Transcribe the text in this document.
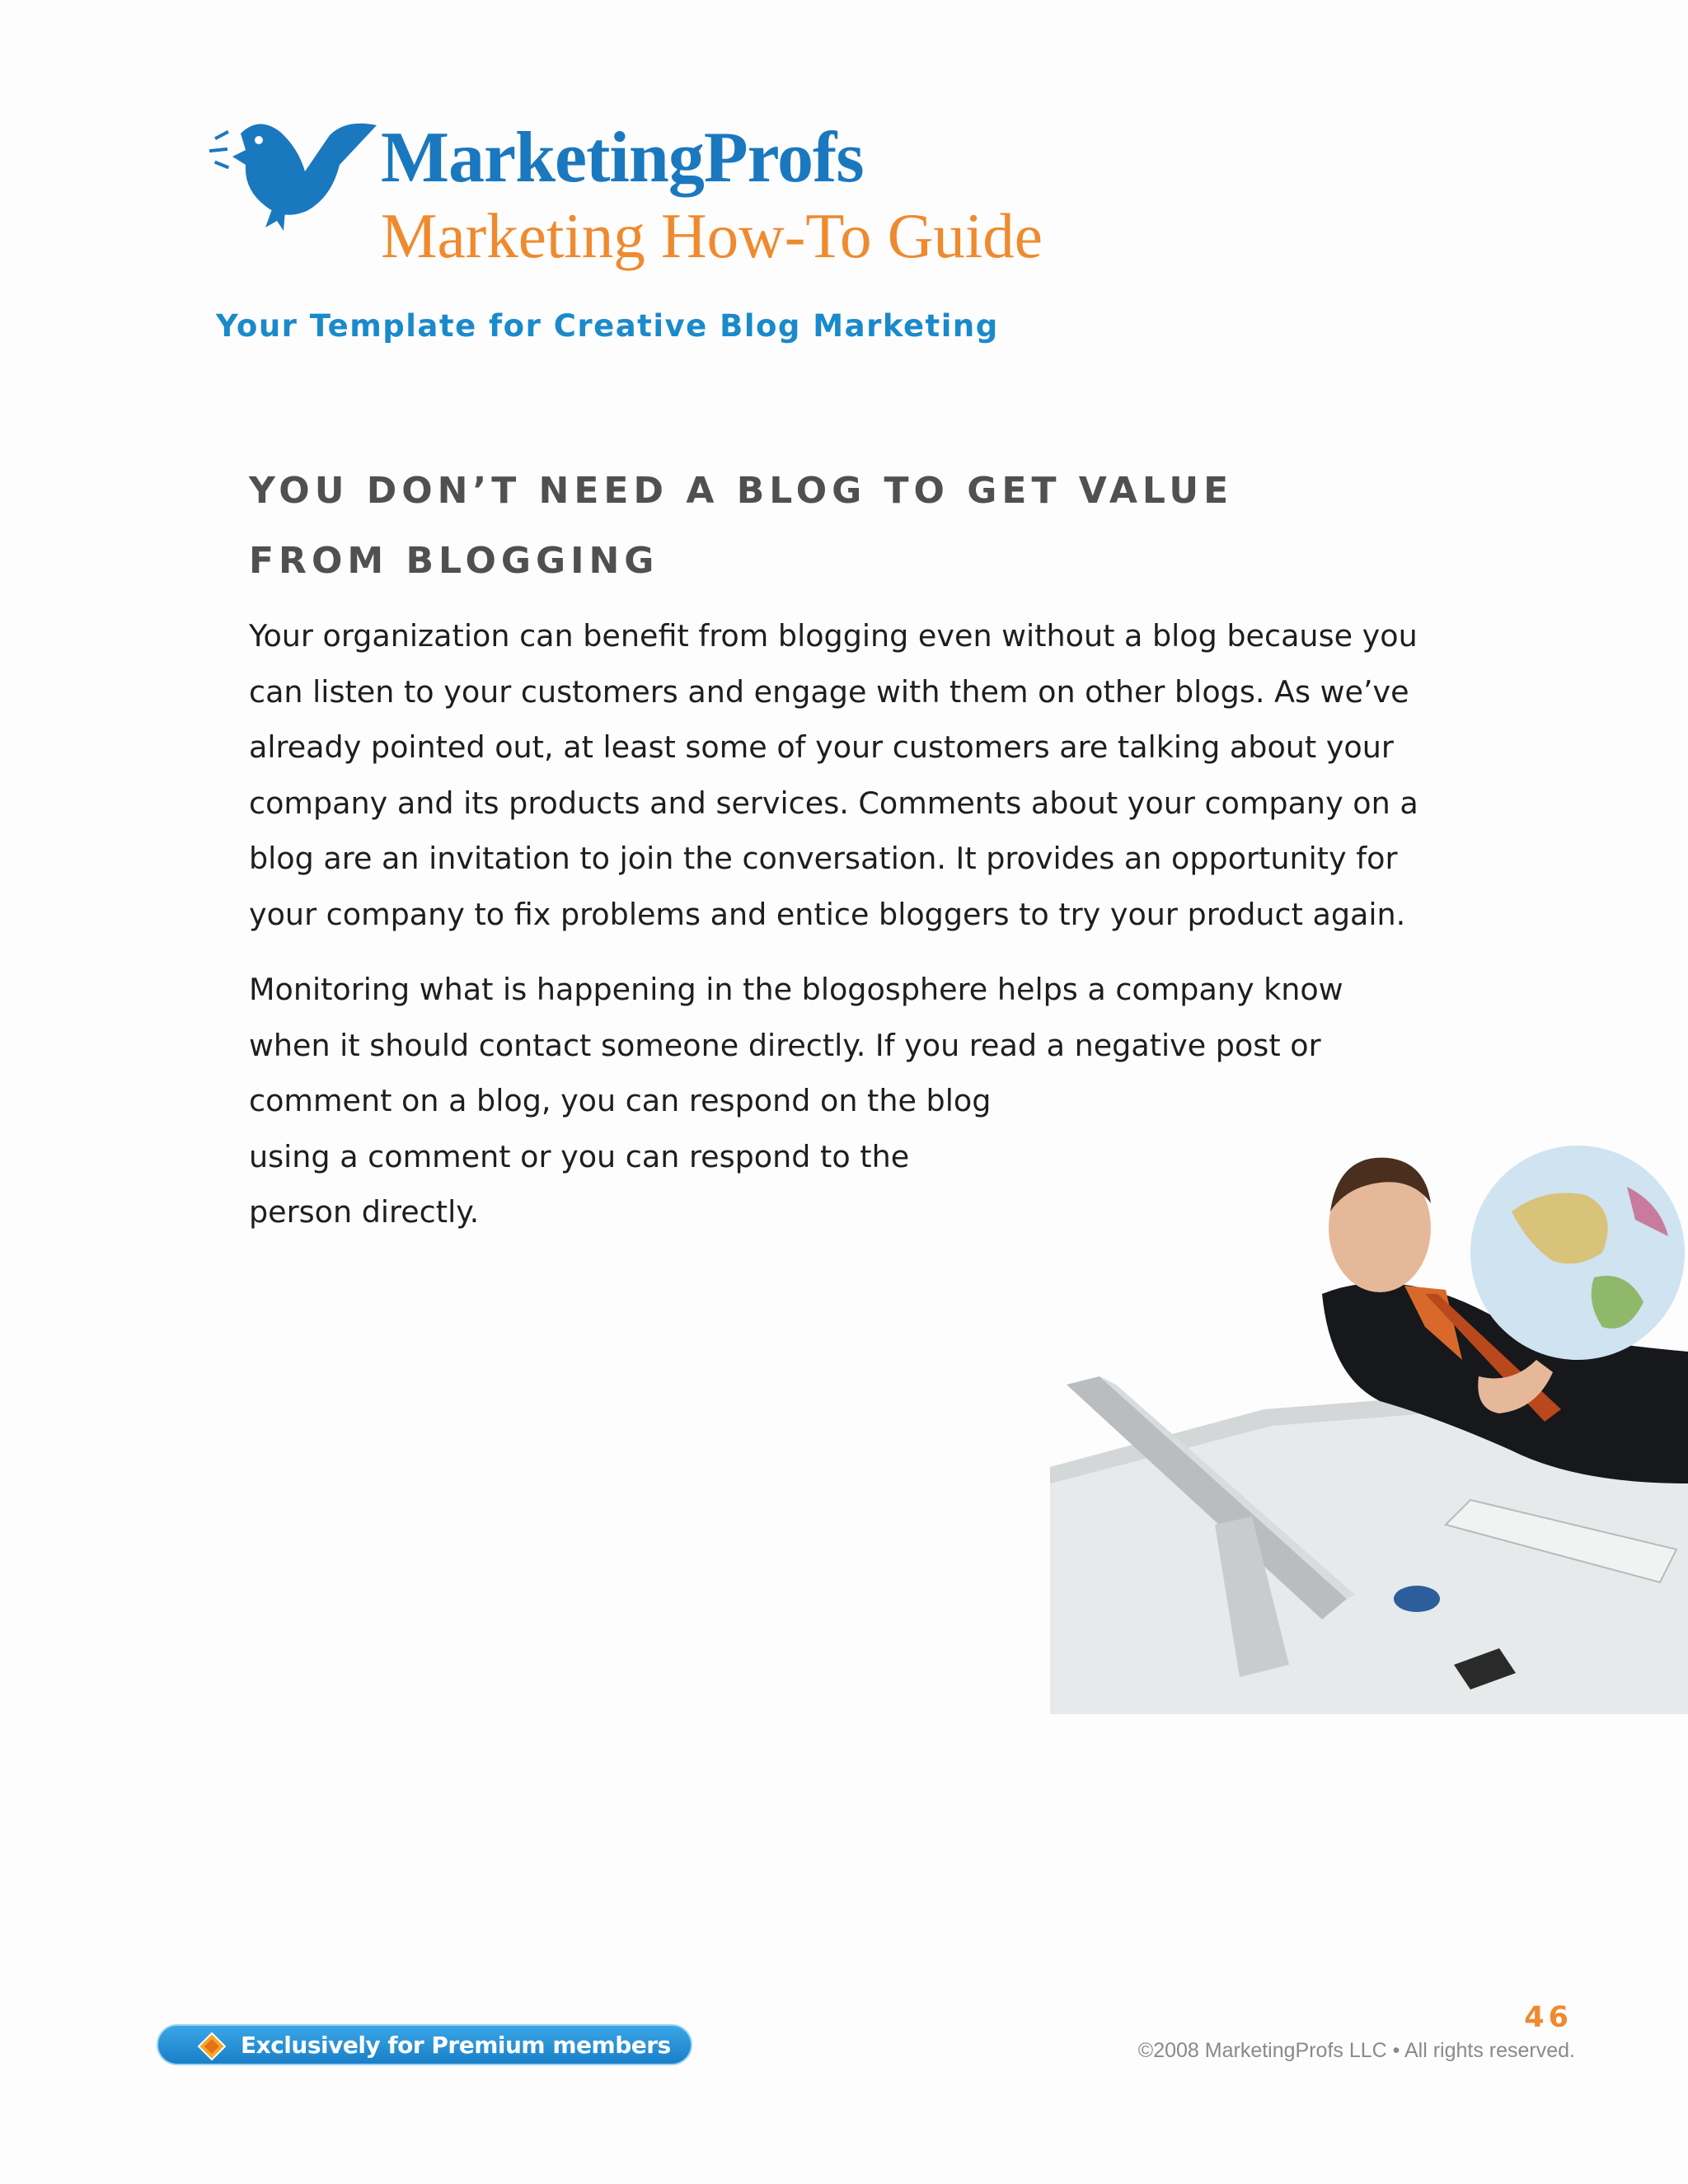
MarketingProfs
Marketing How-To Guide
Your Template for Creative Blog Marketing
YOU DON’T NEED A BLOG TO GET VALUE
FROM BLOGGING

Your organization can benefit from blogging even without a blog because you
can listen to your customers and engage with them on other blogs. As we’ve
already pointed out, at least some of your customers are talking about your
company and its products and services. Comments about your company on a
blog are an invitation to join the conversation. It provides an opportunity for
your company to fix problems and entice bloggers to try your product again.

Monitoring what is happening in the blogosphere helps a company know
when it should contact someone directly. If you read a negative post or
comment on a blog, you can respond on the blog
using a comment or you can respond to the
person directly.

Exclusively for Premium members
46
©2008 MarketingProfs LLC • All rights reserved.
